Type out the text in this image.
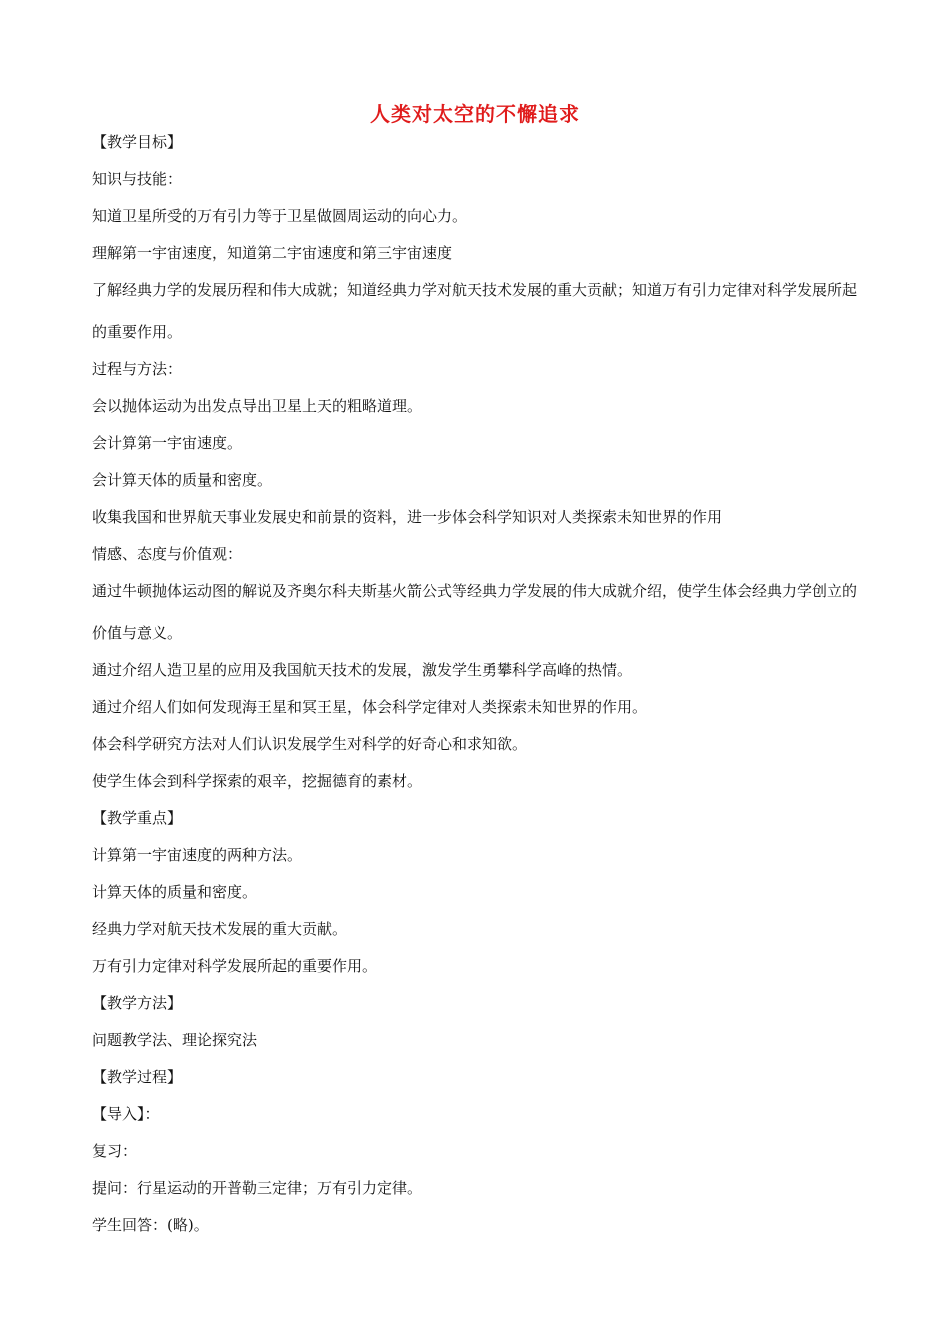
人类对太空的不懈追求
【教学目标】
知识与技能：
知道卫星所受的万有引力等于卫星做圆周运动的向心力。
理解第一宇宙速度，知道第二宇宙速度和第三宇宙速度
了解经典力学的发展历程和伟大成就；知道经典力学对航天技术发展的重大贡献；知道万有引力定律对科学发展所起的重要作用。
过程与方法：
会以抛体运动为出发点导出卫星上天的粗略道理。
会计算第一宇宙速度。
会计算天体的质量和密度。
收集我国和世界航天事业发展史和前景的资料，进一步体会科学知识对人类探索未知世界的作用
情感、态度与价值观：
通过牛顿抛体运动图的解说及齐奥尔科夫斯基火箭公式等经典力学发展的伟大成就介绍，使学生体会经典力学创立的价值与意义。
通过介绍人造卫星的应用及我国航天技术的发展，激发学生勇攀科学高峰的热情。
通过介绍人们如何发现海王星和冥王星，体会科学定律对人类探索未知世界的作用。
体会科学研究方法对人们认识发展学生对科学的好奇心和求知欲。
使学生体会到科学探索的艰辛，挖掘德育的素材。
【教学重点】
计算第一宇宙速度的两种方法。
计算天体的质量和密度。
经典力学对航天技术发展的重大贡献。
万有引力定律对科学发展所起的重要作用。
【教学方法】
问题教学法、理论探究法
【教学过程】
【导入】：
复习：
提问：行星运动的开普勒三定律；万有引力定律。
学生回答：(略)。
